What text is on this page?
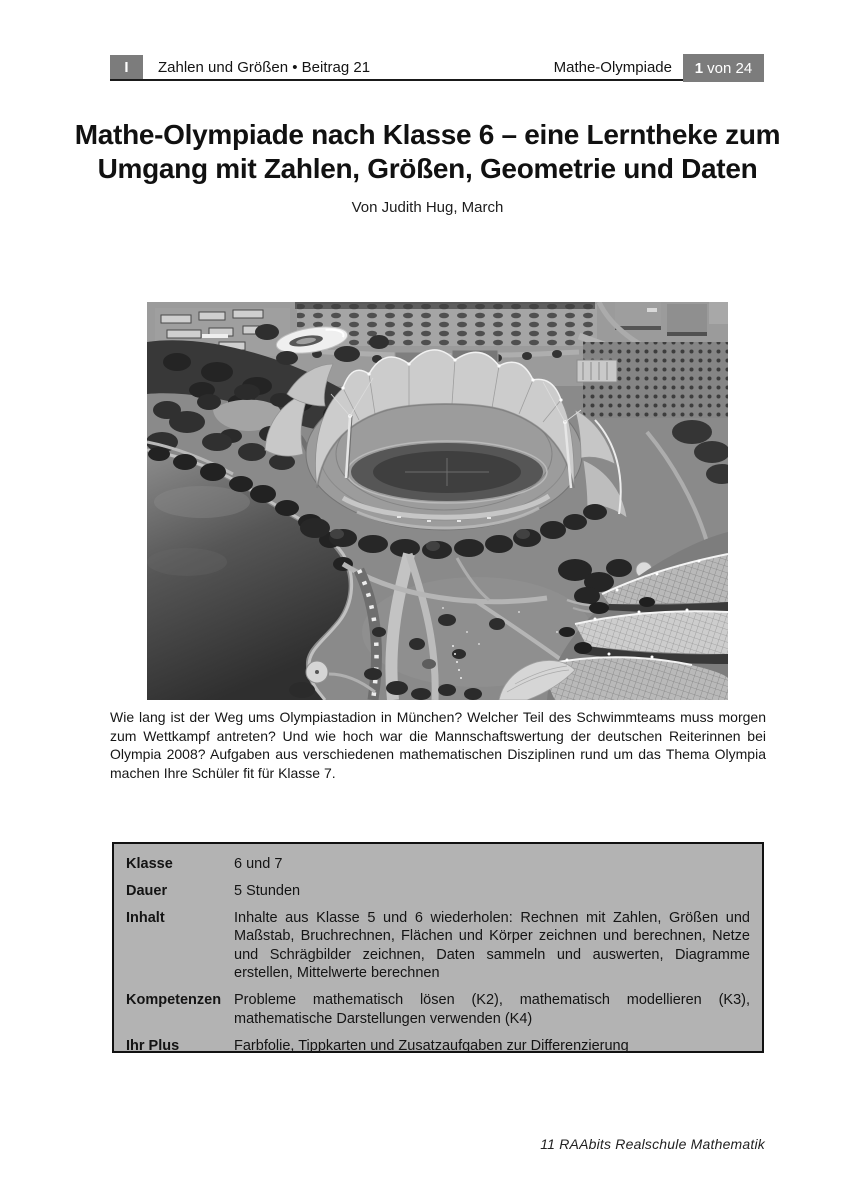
I	Zahlen und Größen • Beitrag 21	Mathe-Olympiade 1 von 24
Mathe-Olympiade nach Klasse 6 – eine Lerntheke zum
Umgang mit Zahlen, Größen, Geometrie und Daten
Von Judith Hug, March

Wie lang ist der Weg ums Olympiastadion in München? Welcher Teil des Schwimmteams muss morgen zum Wettkampf antreten? Und wie hoch war die Mannschaftswertung der deutschen Reiterinnen bei Olympia 2008? Aufgaben aus verschiedenen mathematischen Disziplinen rund um das Thema Olympia machen Ihre Schüler fit für Klasse 7.

Klasse	6 und 7
Dauer	5 Stunden
Inhalt	Inhalte aus Klasse 5 und 6 wiederholen: Rechnen mit Zahlen, Größen und Maßstab, Bruchrechnen, Flächen und Körper zeichnen und berechnen, Netze und Schrägbilder zeichnen, Daten sammeln und auswerten, Diagramme erstellen, Mittelwerte berechnen
Kompetenzen Probleme mathematisch lösen (K2), mathematisch modellieren (K3), mathematische Darstellungen verwenden (K4)
Ihr Plus	Farbfolie, Tippkarten und Zusatzaufgaben zur Differenzierung
11 RAAbits Realschule Mathematik
